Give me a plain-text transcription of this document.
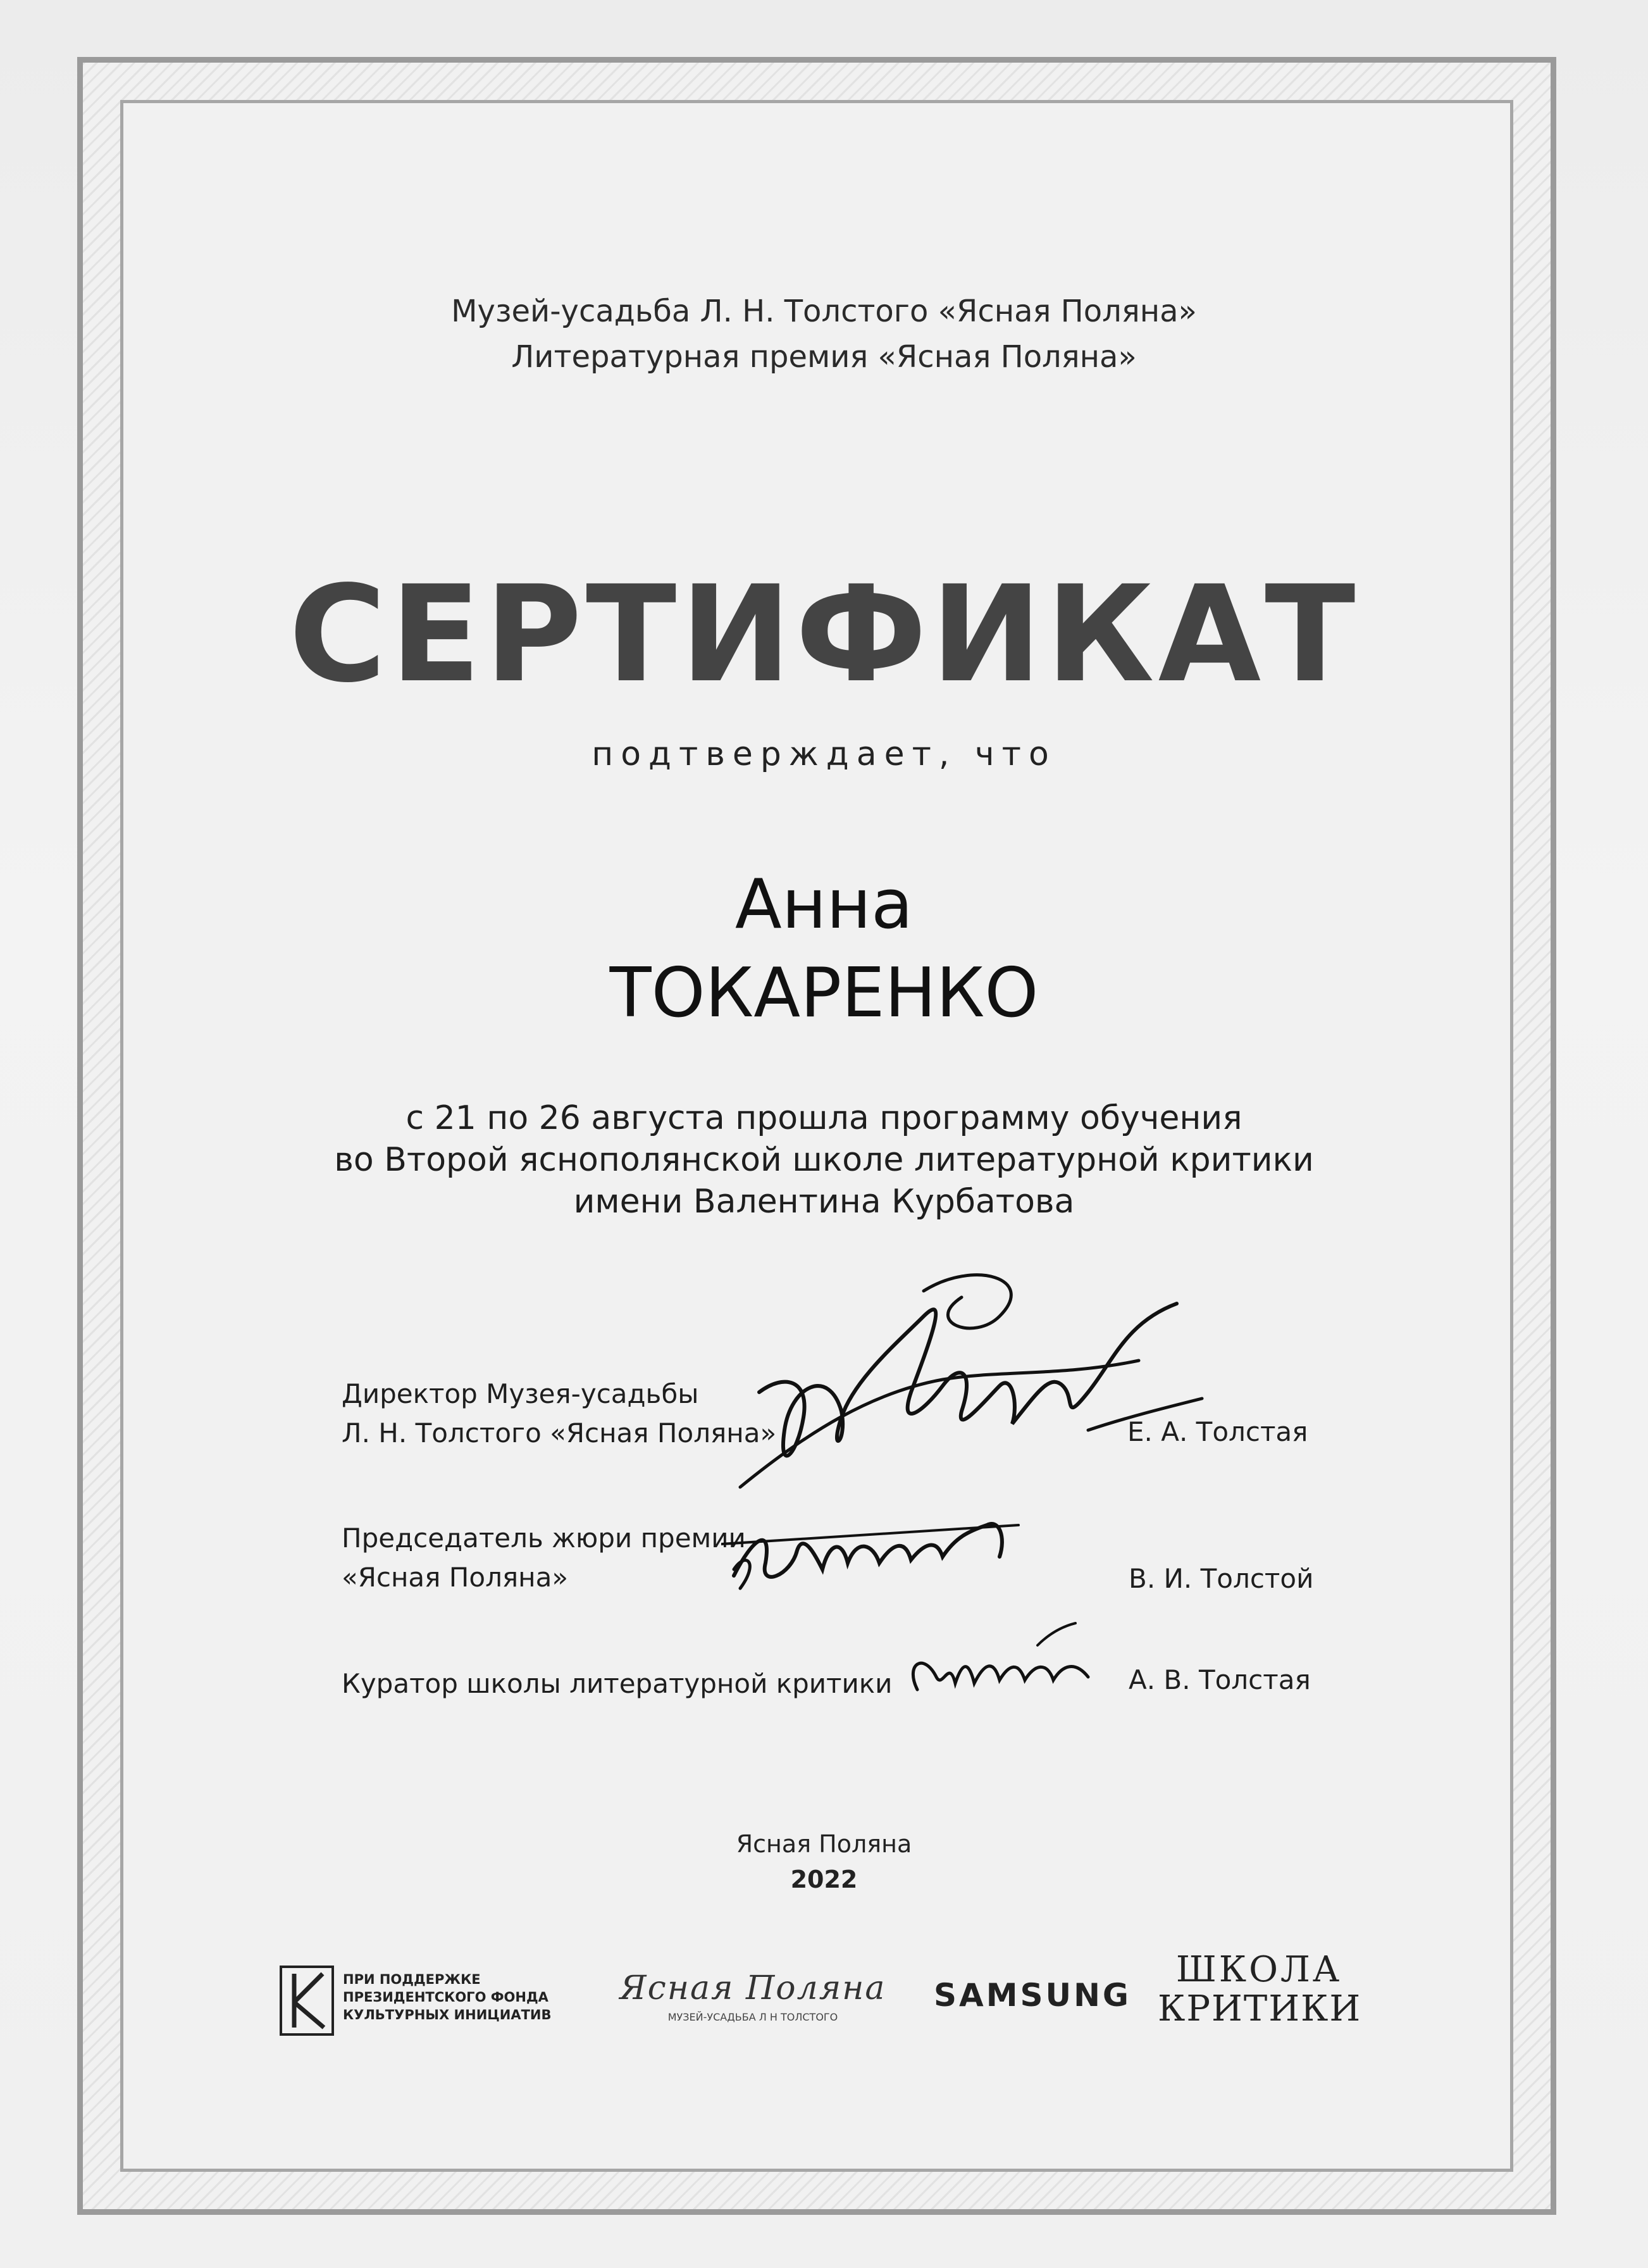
Музей-усадьба Л. Н. Толстого «Ясная Поляна»
Литературная премия «Ясная Поляна»
СЕРТИФИКАТ
подтверждает, что
Анна
ТОКАРЕНКО
с 21 по 26 августа прошла программу обучения
во Второй яснополянской школе литературной критики
имени Валентина Курбатова
Директор Музея-усадьбы
Л. Н. Толстого «Ясная Поляна»	Е. А. Толстая
Председатель жюри премии
«Ясная Поляна»	В. И. Толстой
Куратор школы литературной критики	А. В. Толстая
Ясная Поляна
2022
ПРИ ПОДДЕРЖКЕ
ПРЕЗИДЕНТСКОГО ФОНДА
КУЛЬТУРНЫХ ИНИЦИАТИВ
Ясная Поляна
МУЗЕЙ-УСАДЬБА Л Н ТОЛСТОГО
SAMSUNG
ШКОЛА
КРИТИКИ
